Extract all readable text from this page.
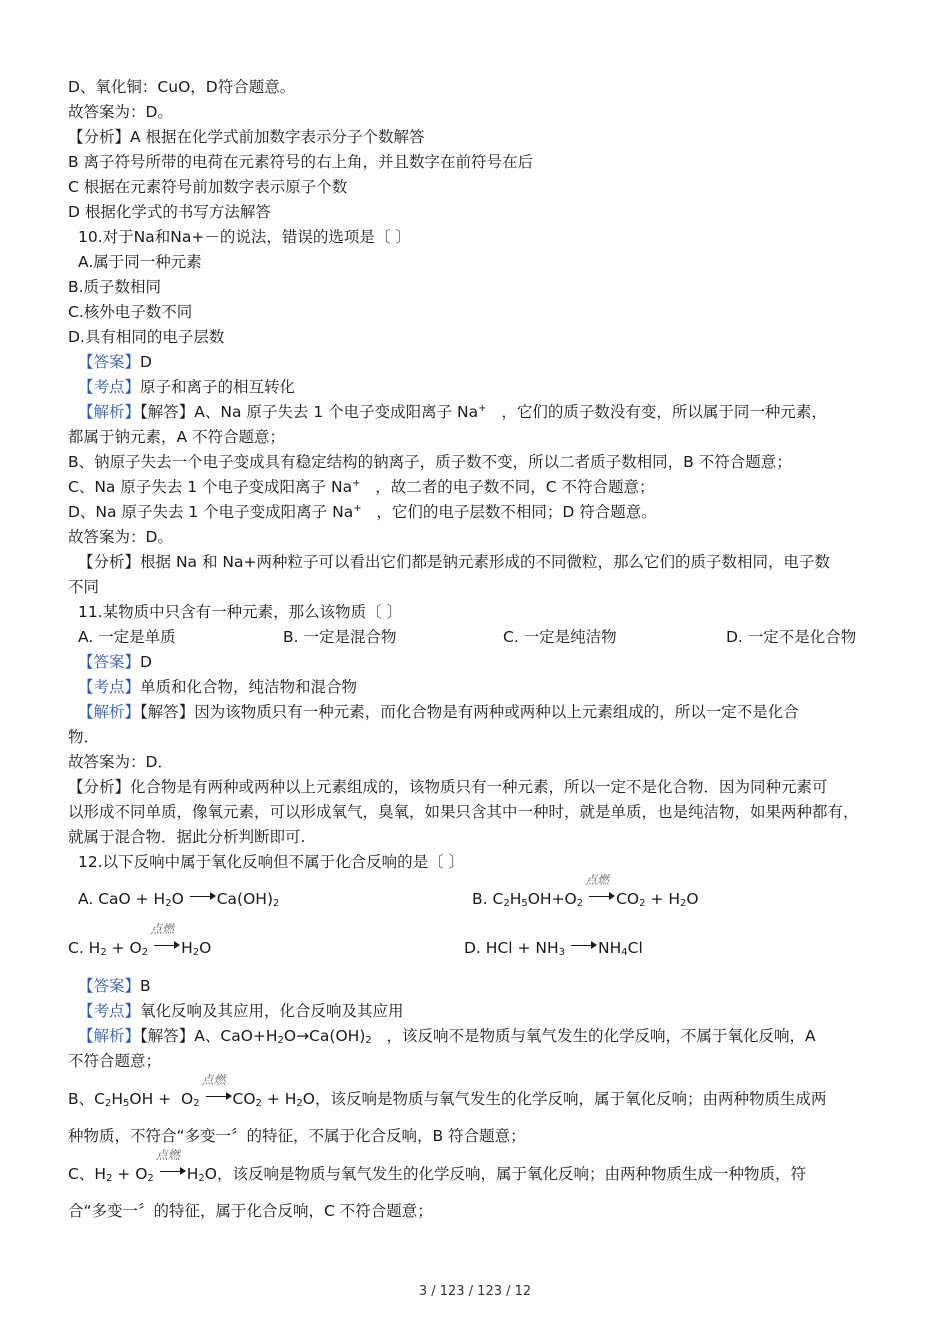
D、氧化铜：CuO，D符合题意。
故答案为：D。
【分析】A 根据在化学式前加数字表示分子个数解答
B 离子符号所带的电荷在元素符号的右上角，并且数字在前符号在后
C 根据在元素符号前加数字表示原子个数
D 根据化学式的书写方法解答
10.对于Na和Na+－的说法，错误的选项是〔 〕
A.属于同一种元素
B.质子数相同
C.核外电子数不同
D.具有相同的电子层数
【答案】D
【考点】原子和离子的相互转化
【解析】【解答】A、Na 原子失去 1 个电子变成阳离子 Na+ ，它们的质子数没有变，所以属于同一种元素，
都属于钠元素，A 不符合题意；
B、钠原子失去一个电子变成具有稳定结构的钠离子，质子数不变，所以二者质子数相同，B 不符合题意；
C、Na 原子失去 1 个电子变成阳离子 Na+ ，故二者的电子数不同，C 不符合题意；
D、Na 原子失去 1 个电子变成阳离子 Na+ ，它们的电子层数不相同；D 符合题意。
故答案为：D。
【分析】根据 Na 和 Na+两种粒子可以看出它们都是钠元素形成的不同微粒，那么它们的质子数相同，电子数
不同
11.某物质中只含有一种元素，那么该物质〔 〕
A. 一定是单质	B. 一定是混合物	C. 一定是纯洁物	D. 一定不是化合物
【答案】D
【考点】单质和化合物，纯洁物和混合物
【解析】【解答】因为该物质只有一种元素，而化合物是有两种或两种以上元素组成的，所以一定不是化合
物．
故答案为：D．
【分析】化合物是有两种或两种以上元素组成的，该物质只有一种元素，所以一定不是化合物．因为同种元素可
以形成不同单质，像氧元素，可以形成氧气，臭氧，如果只含其中一种时，就是单质，也是纯洁物，如果两种都有，
就属于混合物．据此分析判断即可.
12.以下反响中属于氧化反响但不属于化合反响的是〔 〕
A. CaO + $H_2O$
$Ca(OH)_2$	B. $C_2H_5OH+O_2$
点燃
$CO_2 + H_2O$
C. $H_2 + O_2$
点燃
$H_2O$	D. HCl + $NH_3$ $NH_4Cl$
【答案】B
【考点】氧化反响及其应用，化合反响及其应用
【解析】【解答】A、$CaO+H_2O\to Ca(OH)_2$ ，该反响不是物质与氧气发生的化学反响，不属于氧化反响，A
不符合题意；
B、$C_2H_5OH + O_2$
点燃
$CO_2 + H_2O$，该反响是物质与氧气发生的化学反响，属于氧化反响；由两种物质生成两
种物质，不符合“多变一〞的特征，不属于化合反响，B 符合题意；
C、$H_2 + O_2$
点燃
$H_2O$，该反响是物质与氧气发生的化学反响，属于氧化反响；由两种物质生成一种物质，符
合“多变一〞的特征，属于化合反响，C 不符合题意；
3 / 123 / 123 / 12
